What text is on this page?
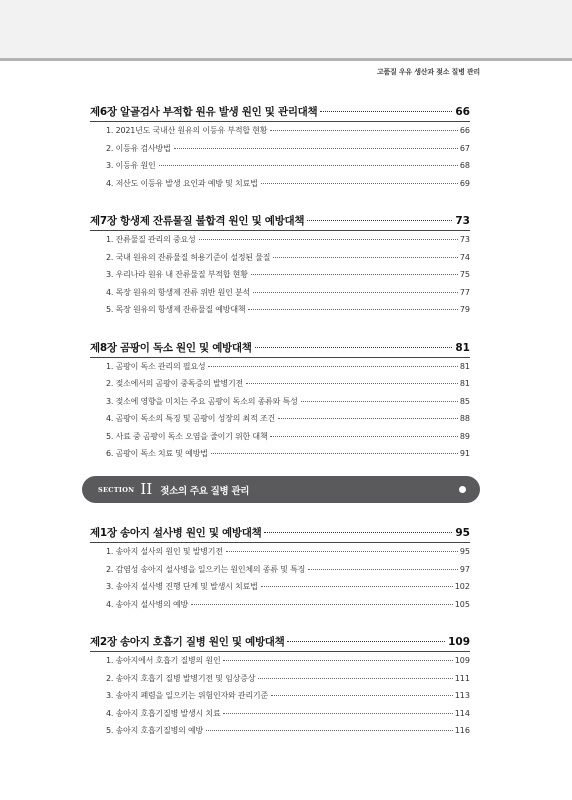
고품질 우유 생산과 젖소 질병 관리
제6장 알골검사 부적합 원유 발생 원인 및 관리대책	66
1. 2021년도 국내산 원유의 이등유 부적합 현황	66
2. 이등유 검사방법	67
3. 이등유 원인	68
4. 저산도 이등유 발생 요인과 예방 및 치료법	69
제7장 항생제 잔류물질 불합격 원인 및 예방대책	73
1. 잔류물질 관리의 중요성	73
2. 국내 원유의 잔류물질 허용기준이 설정된 물질	74
3. 우리나라 원유 내 잔류물질 부적합 현황	75
4. 목장 원유의 항생제 잔류 위반 원인 분석	77
5. 목장 원유의 항생제 잔류물질 예방대책	79
제8장 곰팡이 독소 원인 및 예방대책	81
1. 곰팡이 독소 관리의 필요성	81
2. 젖소에서의 곰팡이 중독증의 발병기전	81
3. 젖소에 영향을 미치는 주요 곰팡이 독소의 종류와 특성	85
4. 곰팡이 독소의 특징 및 곰팡이 성장의 최적 조건	88
5. 사료 중 곰팡이 독소 오염을 줄이기 위한 대책	89
6. 곰팡이 독소 치료 및 예방법	91
SECTION II 젖소의 주요 질병 관리
제1장 송아지 설사병 원인 및 예방대책	95
1. 송아지 설사의 원인 및 발병기전	95
2. 감염성 송아지 설사병을 일으키는 원인체의 종류 및 특징	97
3. 송아지 설사병 진행 단계 및 발생시 치료법	102
4. 송아지 설사병의 예방	105
제2장 송아지 호흡기 질병 원인 및 예방대책	109
1. 송아지에서 호흡기 질병의 원인	109
2. 송아지 호흡기 질병 발병기전 및 임상증상	111
3. 송아지 폐렴을 일으키는 위험인자와 관리기준	113
4. 송아지 호흡기질병 발생시 치료	114
5. 송아지 호흡기질병의 예방	116
